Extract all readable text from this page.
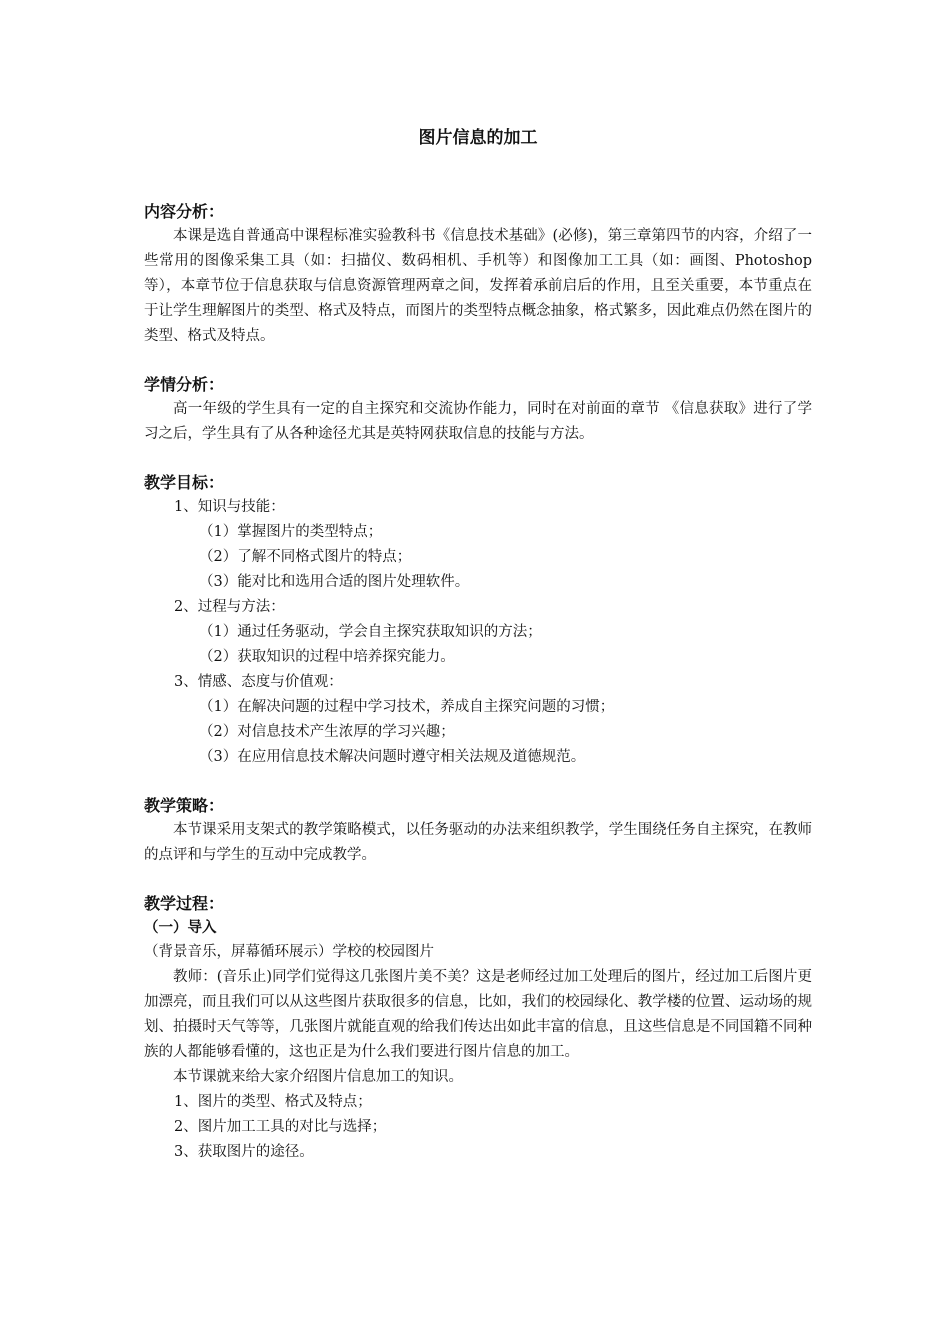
图片信息的加工

内容分析：

本课是选自普通高中课程标准实验教科书《信息技术基础》(必修)，第三章第四节的内容，介绍了一些常用的图像采集工具（如：扫描仪、数码相机、手机等）和图像加工工具（如：画图、Photoshop 等），本章节位于信息获取与信息资源管理两章之间，发挥着承前启后的作用，且至关重要，本节重点在于让学生理解图片的类型、格式及特点，而图片的类型特点概念抽象，格式繁多，因此难点仍然在图片的类型、格式及特点。

学情分析：

高一年级的学生具有一定的自主探究和交流协作能力，同时在对前面的章节 《信息获取》进行了学习之后，学生具有了从各种途径尤其是英特网获取信息的技能与方法。

教学目标：

1、知识与技能：

（1）掌握图片的类型特点；

（2）了解不同格式图片的特点；

（3）能对比和选用合适的图片处理软件。

2、过程与方法：

（1）通过任务驱动，学会自主探究获取知识的方法；

（2）获取知识的过程中培养探究能力。

3、情感、态度与价值观：

（1）在解决问题的过程中学习技术，养成自主探究问题的习惯；

（2）对信息技术产生浓厚的学习兴趣；

（3）在应用信息技术解决问题时遵守相关法规及道德规范。

教学策略：

本节课采用支架式的教学策略模式，以任务驱动的办法来组织教学，学生围绕任务自主探究，在教师的点评和与学生的互动中完成教学。

教学过程：

（一）导入

（背景音乐，屏幕循环展示）学校的校园图片

教师：(音乐止)同学们觉得这几张图片美不美？这是老师经过加工处理后的图片，经过加工后图片更加漂亮，而且我们可以从这些图片获取很多的信息，比如，我们的校园绿化、教学楼的位置、运动场的规划、拍摄时天气等等，几张图片就能直观的给我们传达出如此丰富的信息，且这些信息是不同国籍不同种族的人都能够看懂的，这也正是为什么我们要进行图片信息的加工。

本节课就来给大家介绍图片信息加工的知识。

1、图片的类型、格式及特点；

2、图片加工工具的对比与选择；

3、获取图片的途径。
